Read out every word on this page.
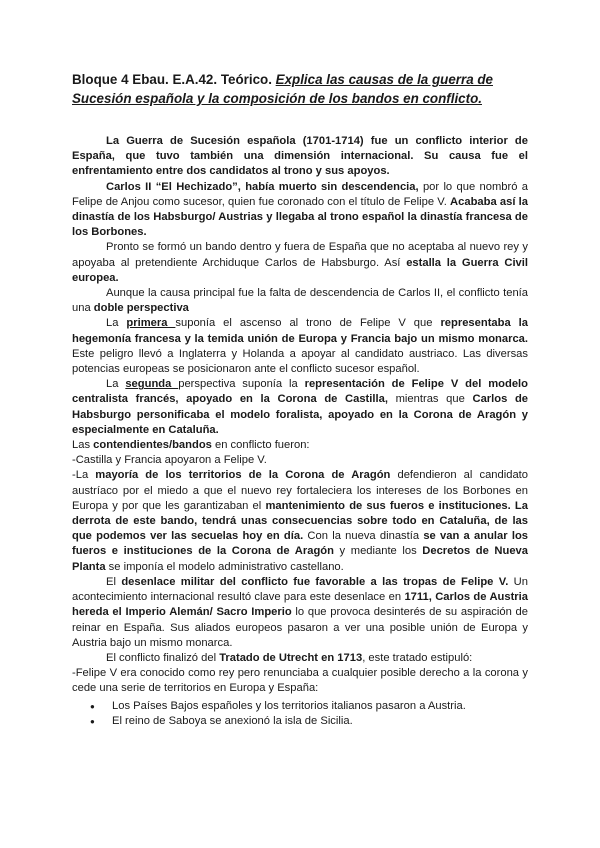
Bloque 4 Ebau. E.A.42. Teórico. Explica las causas de la guerra de Sucesión española y la composición de los bandos en conflicto.

La Guerra de Sucesión española (1701-1714) fue un conflicto interior de España, que tuvo también una dimensión internacional. Su causa fue el enfrentamiento entre dos candidatos al trono y sus apoyos.

Carlos II “El Hechizado”, había muerto sin descendencia, por lo que nombró a Felipe de Anjou como sucesor, quien fue coronado con el título de Felipe V. Acababa así la dinastía de los Habsburgo/ Austrias y llegaba al trono español la dinastía francesa de los Borbones.

Pronto se formó un bando dentro y fuera de España que no aceptaba al nuevo rey y apoyaba al pretendiente Archiduque Carlos de Habsburgo. Así estalla la Guerra Civil europea.

Aunque la causa principal fue la falta de descendencia de Carlos II, el conflicto tenía una doble perspectiva

La primera suponía el ascenso al trono de Felipe V que representaba la hegemonía francesa y la temida unión de Europa y Francia bajo un mismo monarca. Este peligro llevó a Inglaterra y Holanda a apoyar al candidato austriaco. Las diversas potencias europeas se posicionaron ante el conflicto sucesor español.

La segunda perspectiva suponía la representación de Felipe V del modelo centralista francés, apoyado en la Corona de Castilla, mientras que Carlos de Habsburgo personificaba el modelo foralista, apoyado en la Corona de Aragón y especialmente en Cataluña.

Las contendientes/bandos en conflicto fueron:

-Castilla y Francia apoyaron a Felipe V.

-La mayoría de los territorios de la Corona de Aragón defendieron al candidato austríaco por el miedo a que el nuevo rey fortaleciera los intereses de los Borbones en Europa y por que les garantizaban el mantenimiento de sus fueros e instituciones. La derrota de este bando, tendrá unas consecuencias sobre todo en Cataluña, de las que podemos ver las secuelas hoy en día. Con la nueva dinastía se van a anular los fueros e instituciones de la Corona de Aragón y mediante los Decretos de Nueva Planta se imponía el modelo administrativo castellano.

El desenlace militar del conflicto fue favorable a las tropas de Felipe V. Un acontecimiento internacional resultó clave para este desenlace en 1711, Carlos de Austria hereda el Imperio Alemán/ Sacro Imperio lo que provoca desinterés de su aspiración de reinar en España. Sus aliados europeos pasaron a ver una posible unión de Europa y Austria bajo un mismo monarca.

El conflicto finalizó del Tratado de Utrecht en 1713, este tratado estipuló:

-Felipe V era conocido como rey pero renunciaba a cualquier posible derecho a la corona y cede una serie de territorios en Europa y España:

● Los Países Bajos españoles y los territorios italianos pasaron a Austria.
● El reino de Saboya se anexionó la isla de Sicilia.
